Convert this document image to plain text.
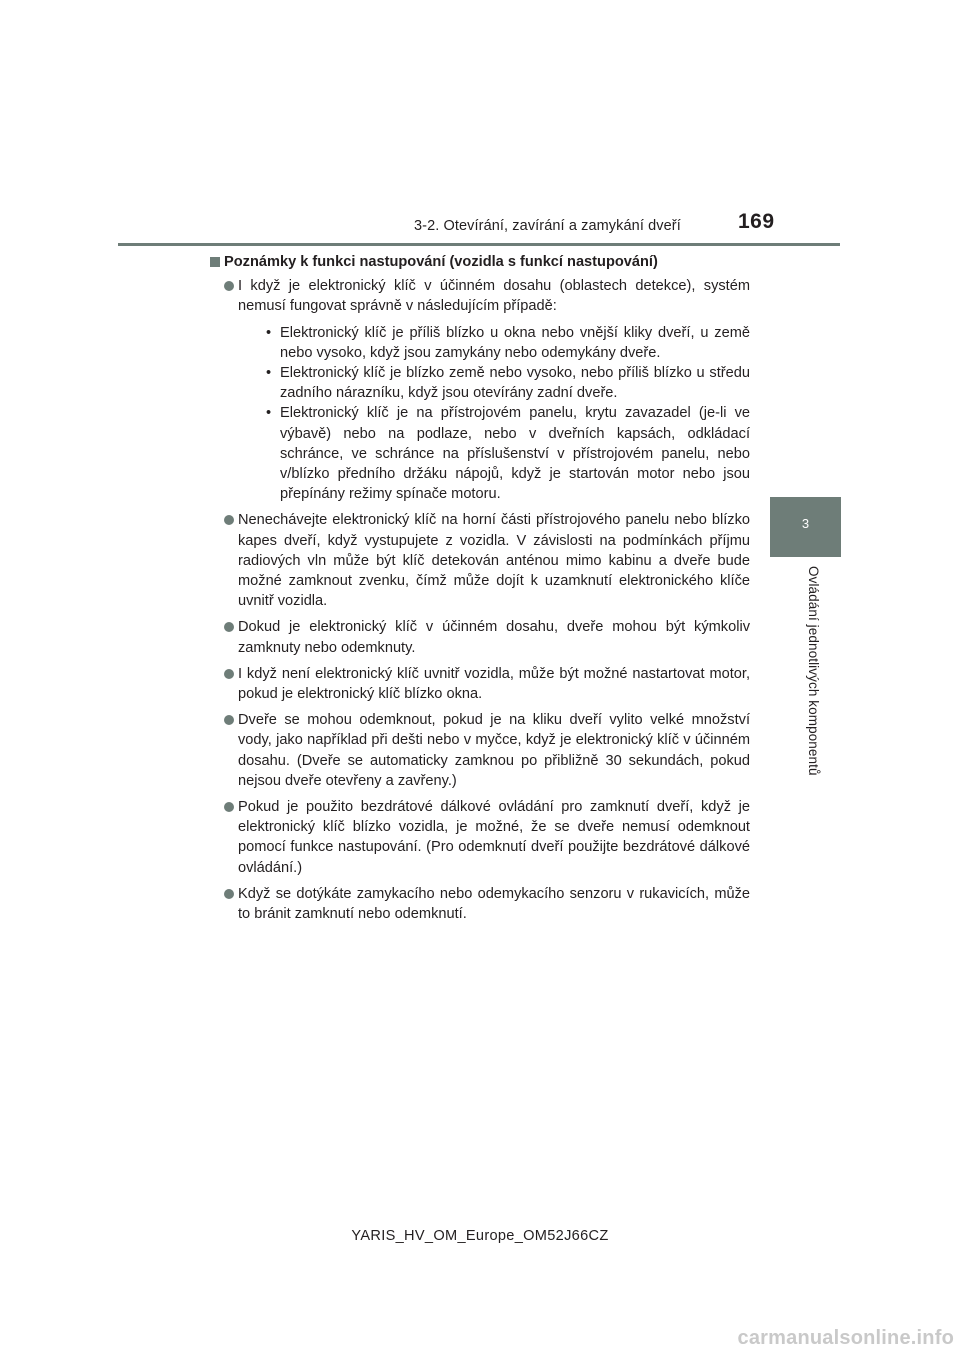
3-2. Otevírání, zavírání a zamykání dveří	169
3
Ovládání jednotlivých komponentů
Poznámky k funkci nastupování (vozidla s funkcí nastupování)
I když je elektronický klíč v účinném dosahu (oblastech detekce), systém nemusí fungovat správně v následujícím případě:
• Elektronický klíč je příliš blízko u okna nebo vnější kliky dveří, u země nebo vysoko, když jsou zamykány nebo odemykány dveře.
• Elektronický klíč je blízko země nebo vysoko, nebo příliš blízko u středu zadního nárazníku, když jsou otevírány zadní dveře.
• Elektronický klíč je na přístrojovém panelu, krytu zavazadel (je-li ve výbavě) nebo na podlaze, nebo v dveřních kapsách, odkládací schránce, ve schránce na příslušenství v přístrojovém panelu, nebo v/blízko předního držáku nápojů, když je startován motor nebo jsou přepínány režimy spínače motoru.
Nenechávejte elektronický klíč na horní části přístrojového panelu nebo blízko kapes dveří, když vystupujete z vozidla. V závislosti na podmínkách příjmu radiových vln může být klíč detekován anténou mimo kabinu a dveře bude možné zamknout zvenku, čímž může dojít k uzamknutí elektronického klíče uvnitř vozidla.
Dokud je elektronický klíč v účinném dosahu, dveře mohou být kýmkoliv zamknuty nebo odemknuty.
I když není elektronický klíč uvnitř vozidla, může být možné nastartovat motor, pokud je elektronický klíč blízko okna.
Dveře se mohou odemknout, pokud je na kliku dveří vylito velké množství vody, jako například při dešti nebo v myčce, když je elektronický klíč v účinném dosahu. (Dveře se automaticky zamknou po přibližně 30 sekundách, pokud nejsou dveře otevřeny a zavřeny.)
Pokud je použito bezdrátové dálkové ovládání pro zamknutí dveří, když je elektronický klíč blízko vozidla, je možné, že se dveře nemusí odemknout pomocí funkce nastupování. (Pro odemknutí dveří použijte bezdrátové dálkové ovládání.)
Když se dotýkáte zamykacího nebo odemykacího senzoru v rukavicích, může to bránit zamknutí nebo odemknutí.
YARIS_HV_OM_Europe_OM52J66CZ
carmanualsonline.info
